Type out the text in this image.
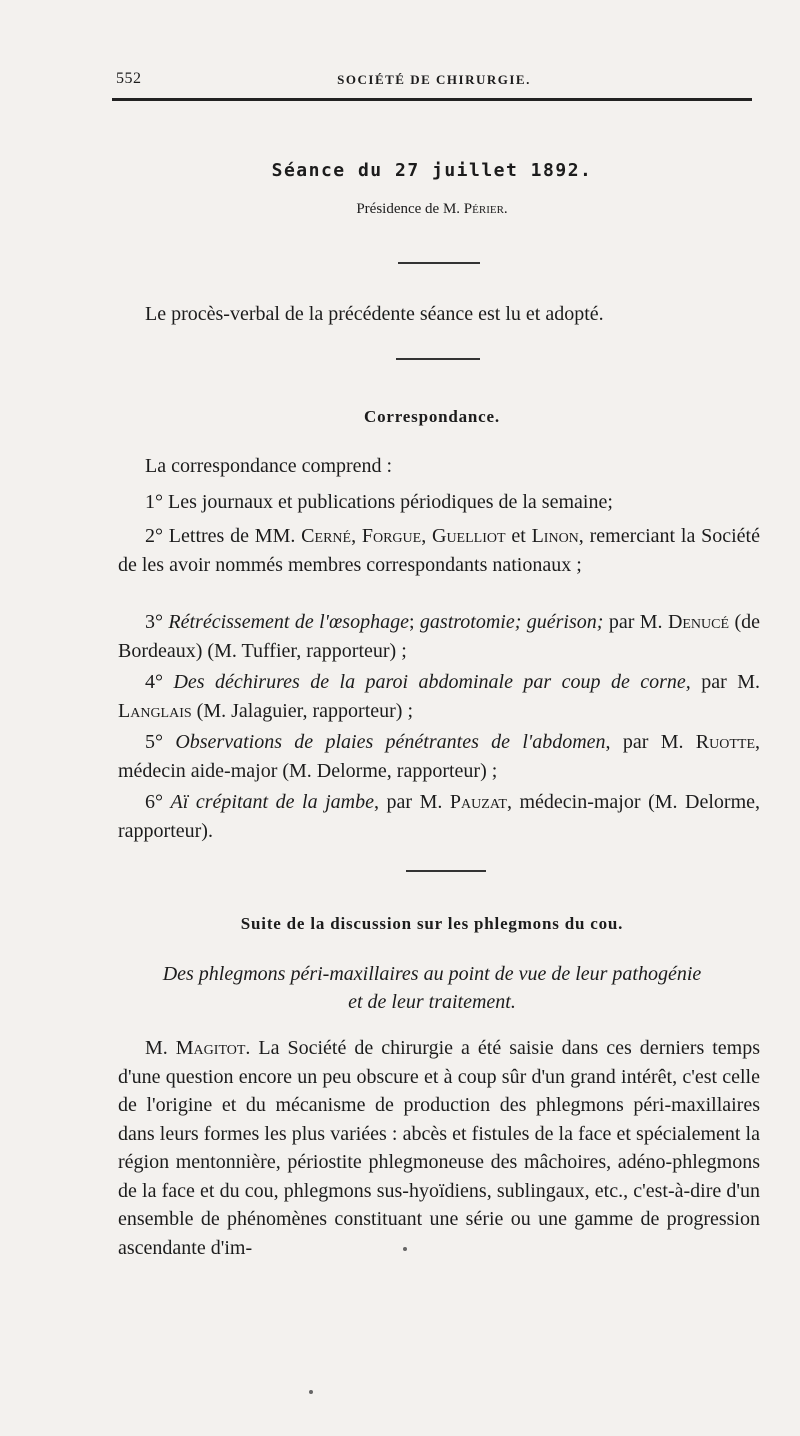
552	SOCIÉTÉ DE CHIRURGIE.
Séance du 27 juillet 1892.
Présidence de M. Périer.
Le procès-verbal de la précédente séance est lu et adopté.
Correspondance.
La correspondance comprend :
1° Les journaux et publications périodiques de la semaine;
2° Lettres de MM. Cerné, Forgue, Guelliot et Linon, remerciant la Société de les avoir nommés membres correspondants nationaux ;
3° Rétrécissement de l'œsophage; gastrotomie; guérison; par M. Denucé (de Bordeaux) (M. Tuffier, rapporteur) ;
4° Des déchirures de la paroi abdominale par coup de corne, par M. Langlais (M. Jalaguier, rapporteur) ;
5° Observations de plaies pénétrantes de l'abdomen, par M. Ruotte, médecin aide-major (M. Delorme, rapporteur) ;
6° Aï crépitant de la jambe, par M. Pauzat, médecin-major (M. Delorme, rapporteur).
Suite de la discussion sur les phlegmons du cou.
Des phlegmons péri-maxillaires au point de vue de leur pathogénie
et de leur traitement.
M. Magitot. La Société de chirurgie a été saisie dans ces derniers temps d'une question encore un peu obscure et à coup sûr d'un grand intérêt, c'est celle de l'origine et du mécanisme de production des phlegmons péri-maxillaires dans leurs formes les plus variées : abcès et fistules de la face et spécialement la région mentonnière, périostite phlegmoneuse des mâchoires, adéno-phlegmons de la face et du cou, phlegmons sus-hyoïdiens, sublingaux, etc., c'est-à-dire d'un ensemble de phénomènes constituant une série ou une gamme de progression ascendante d'im-
